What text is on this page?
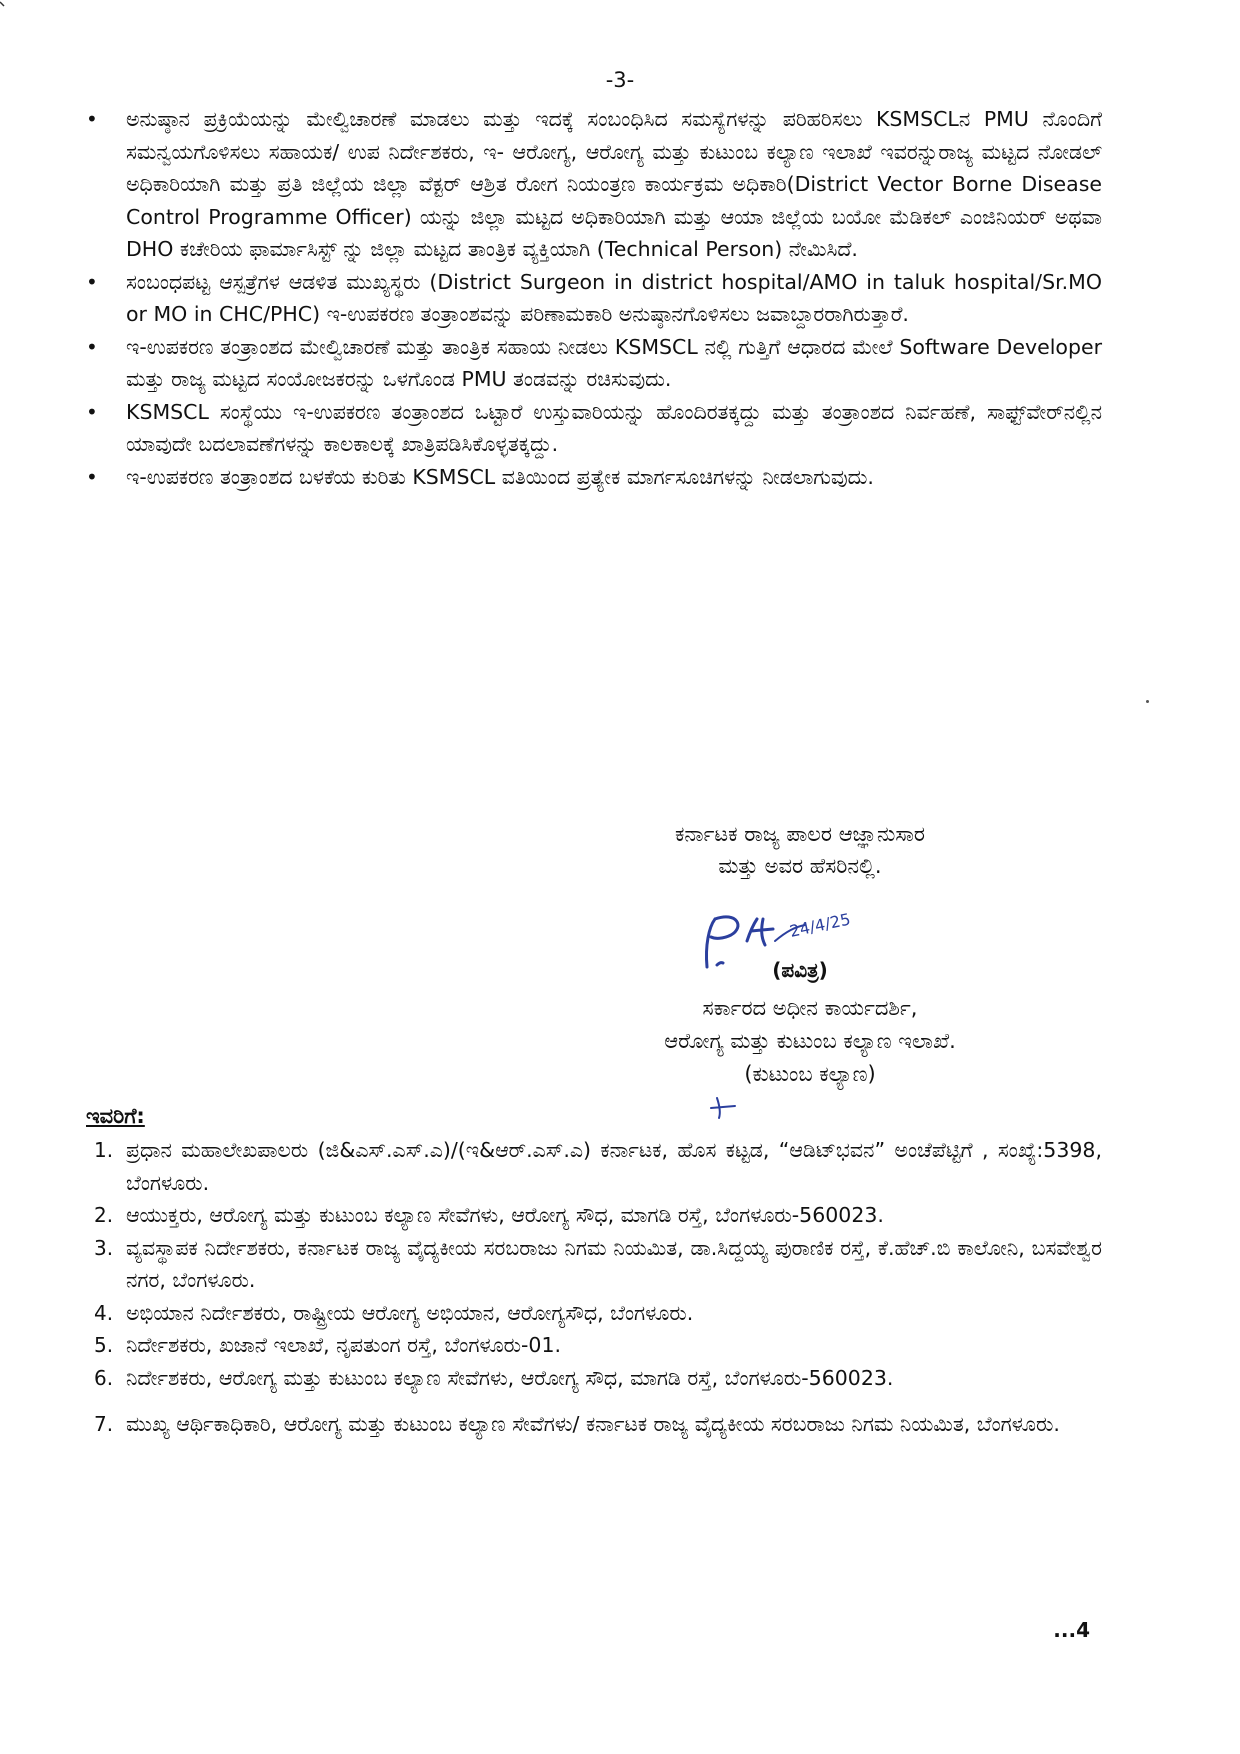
-3-
• ಅನುಷ್ಠಾನ ಪ್ರಕ್ರಿಯೆಯನ್ನು ಮೇಲ್ವಿಚಾರಣೆ ಮಾಡಲು ಮತ್ತು ಇದಕ್ಕೆ ಸಂಬಂಧಿಸಿದ ಸಮಸ್ಯೆಗಳನ್ನು ಪರಿಹರಿಸಲು KSMSCLನ PMU ನೊಂದಿಗೆ ಸಮನ್ವಯಗೊಳಿಸಲು ಸಹಾಯಕ/ ಉಪ ನಿರ್ದೇಶಕರು, ಇ- ಆರೋಗ್ಯ, ಆರೋಗ್ಯ ಮತ್ತು ಕುಟುಂಬ ಕಲ್ಯಾಣ ಇಲಾಖೆ ಇವರನ್ನುರಾಜ್ಯ ಮಟ್ಟದ ನೋಡಲ್ ಅಧಿಕಾರಿಯಾಗಿ ಮತ್ತು ಪ್ರತಿ ಜಿಲ್ಲೆಯ ಜಿಲ್ಲಾ ವೆಕ್ಟರ್ ಆಶ್ರಿತ ರೋಗ ನಿಯಂತ್ರಣ ಕಾರ್ಯಕ್ರಮ ಅಧಿಕಾರಿ(District Vector Borne Disease Control Programme Officer) ಯನ್ನು ಜಿಲ್ಲಾ ಮಟ್ಟದ ಅಧಿಕಾರಿಯಾಗಿ ಮತ್ತು ಆಯಾ ಜಿಲ್ಲೆಯ ಬಯೋ ಮೆಡಿಕಲ್ ಎಂಜಿನಿಯರ್ ಅಥವಾ DHO ಕಚೇರಿಯ ಫಾರ್ಮಾಸಿಸ್ಟ್ ನ್ನು ಜಿಲ್ಲಾ ಮಟ್ಟದ ತಾಂತ್ರಿಕ ವ್ಯಕ್ತಿಯಾಗಿ (Technical Person) ನೇಮಿಸಿದೆ.
• ಸಂಬಂಧಪಟ್ಟ ಆಸ್ಪತ್ರೆಗಳ ಆಡಳಿತ ಮುಖ್ಯಸ್ಥರು (District Surgeon in district hospital/AMO in taluk hospital/Sr.MO or MO in CHC/PHC) ಇ-ಉಪಕರಣ ತಂತ್ರಾಂಶವನ್ನು ಪರಿಣಾಮಕಾರಿ ಅನುಷ್ಠಾನಗೊಳಿಸಲು ಜವಾಬ್ದಾರರಾಗಿರುತ್ತಾರೆ.
• ಇ-ಉಪಕರಣ ತಂತ್ರಾಂಶದ ಮೇಲ್ವಿಚಾರಣೆ ಮತ್ತು ತಾಂತ್ರಿಕ ಸಹಾಯ ನೀಡಲು KSMSCL ನಲ್ಲಿ ಗುತ್ತಿಗೆ ಆಧಾರದ ಮೇಲೆ Software Developer ಮತ್ತು ರಾಜ್ಯ ಮಟ್ಟದ ಸಂಯೋಜಕರನ್ನು ಒಳಗೊಂಡ PMU ತಂಡವನ್ನು ರಚಿಸುವುದು.
• KSMSCL ಸಂಸ್ಥೆಯು ಇ-ಉಪಕರಣ ತಂತ್ರಾಂಶದ ಒಟ್ಟಾರೆ ಉಸ್ತುವಾರಿಯನ್ನು ಹೊಂದಿರತಕ್ಕದ್ದು ಮತ್ತು ತಂತ್ರಾಂಶದ ನಿರ್ವಹಣೆ, ಸಾಫ್ಟ್‌ವೇರ್‌ನಲ್ಲಿನ ಯಾವುದೇ ಬದಲಾವಣೆಗಳನ್ನು ಕಾಲಕಾಲಕ್ಕೆ ಖಾತ್ರಿಪಡಿಸಿಕೊಳ್ಳತಕ್ಕದ್ದು.
• ಇ-ಉಪಕರಣ ತಂತ್ರಾಂಶದ ಬಳಕೆಯ ಕುರಿತು KSMSCL ವತಿಯಿಂದ ಪ್ರತ್ಯೇಕ ಮಾರ್ಗಸೂಚಿಗಳನ್ನು ನೀಡಲಾಗುವುದು.
ಕರ್ನಾಟಕ ರಾಜ್ಯ ಪಾಲರ ಆಜ್ಞಾನುಸಾರ
ಮತ್ತು ಅವರ ಹೆಸರಿನಲ್ಲಿ.
24/4/25
(ಪವಿತ್ರ)
ಸರ್ಕಾರದ ಅಧೀನ ಕಾರ್ಯದರ್ಶಿ,
ಆರೋಗ್ಯ ಮತ್ತು ಕುಟುಂಬ ಕಲ್ಯಾಣ ಇಲಾಖೆ.
(ಕುಟುಂಬ ಕಲ್ಯಾಣ)
ಇವರಿಗೆ:
1. ಪ್ರಧಾನ ಮಹಾಲೇಖಪಾಲರು (ಜಿ&ಎಸ್.ಎಸ್.ಎ)/(ಇ&ಆರ್.ಎಸ್.ಎ) ಕರ್ನಾಟಕ, ಹೊಸ ಕಟ್ಟಡ, “ಆಡಿಟ್‌ಭವನ” ಅಂಚೆಪೆಟ್ಟಿಗೆ , ಸಂಖ್ಯೆ:5398, ಬೆಂಗಳೂರು.
2. ಆಯುಕ್ತರು, ಆರೋಗ್ಯ ಮತ್ತು ಕುಟುಂಬ ಕಲ್ಯಾಣ ಸೇವೆಗಳು, ಆರೋಗ್ಯ ಸೌಧ, ಮಾಗಡಿ ರಸ್ತೆ, ಬೆಂಗಳೂರು-560023.
3. ವ್ಯವಸ್ಥಾಪಕ ನಿರ್ದೇಶಕರು, ಕರ್ನಾಟಕ ರಾಜ್ಯ ವೈದ್ಯಕೀಯ ಸರಬರಾಜು ನಿಗಮ ನಿಯಮಿತ, ಡಾ.ಸಿದ್ದಯ್ಯ ಪುರಾಣಿಕ ರಸ್ತೆ, ಕೆ.ಹೆಚ್.ಬಿ ಕಾಲೋನಿ, ಬಸವೇಶ್ವರ ನಗರ, ಬೆಂಗಳೂರು.
4. ಅಭಿಯಾನ ನಿರ್ದೇಶಕರು, ರಾಷ್ಟ್ರೀಯ ಆರೋಗ್ಯ ಅಭಿಯಾನ, ಆರೋಗ್ಯಸೌಧ, ಬೆಂಗಳೂರು.
5. ನಿರ್ದೇಶಕರು, ಖಜಾನೆ ಇಲಾಖೆ, ನೃಪತುಂಗ ರಸ್ತೆ, ಬೆಂಗಳೂರು-01.
6. ನಿರ್ದೇಶಕರು, ಆರೋಗ್ಯ ಮತ್ತು ಕುಟುಂಬ ಕಲ್ಯಾಣ ಸೇವೆಗಳು, ಆರೋಗ್ಯ ಸೌಧ, ಮಾಗಡಿ ರಸ್ತೆ, ಬೆಂಗಳೂರು-560023.
7. ಮುಖ್ಯ ಆರ್ಥಿಕಾಧಿಕಾರಿ, ಆರೋಗ್ಯ ಮತ್ತು ಕುಟುಂಬ ಕಲ್ಯಾಣ ಸೇವೆಗಳು/ ಕರ್ನಾಟಕ ರಾಜ್ಯ ವೈದ್ಯಕೀಯ ಸರಬರಾಜು ನಿಗಮ ನಿಯಮಿತ, ಬೆಂಗಳೂರು.
...4
